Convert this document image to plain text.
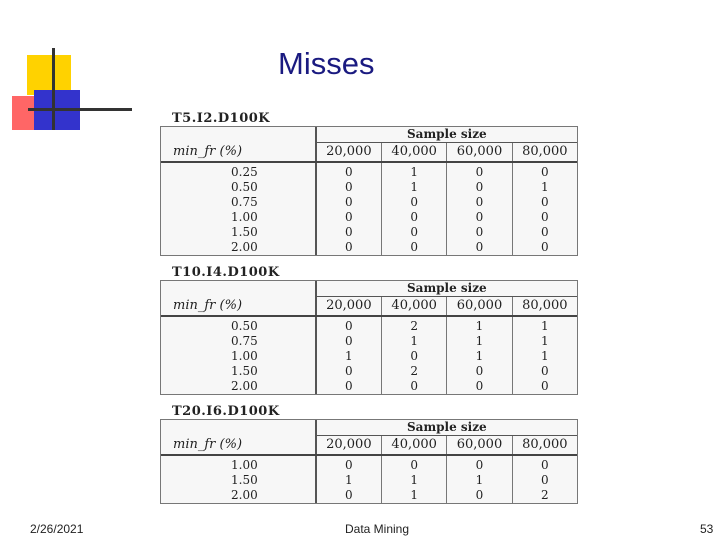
Misses
T5.I2.D100K
	Sample size			
min_fr (%)	20,000	40,000	60,000	80,000
0.25	0	1	0	0
0.50	0	1	0	1
0.75	0	0	0	0
1.00	0	0	0	0
1.50	0	0	0	0
2.00	0	0	0	0
T10.I4.D100K
	Sample size			
min_fr (%)	20,000	40,000	60,000	80,000
0.50	0	2	1	1
0.75	0	1	1	1
1.00	1	0	1	1
1.50	0	2	0	0
2.00	0	0	0	0
T20.I6.D100K
	Sample size			
min_fr (%)	20,000	40,000	60,000	80,000
1.00	0	0	0	0
1.50	1	1	1	0
2.00	0	1	0	2
2/26/2021	Data Mining	53
